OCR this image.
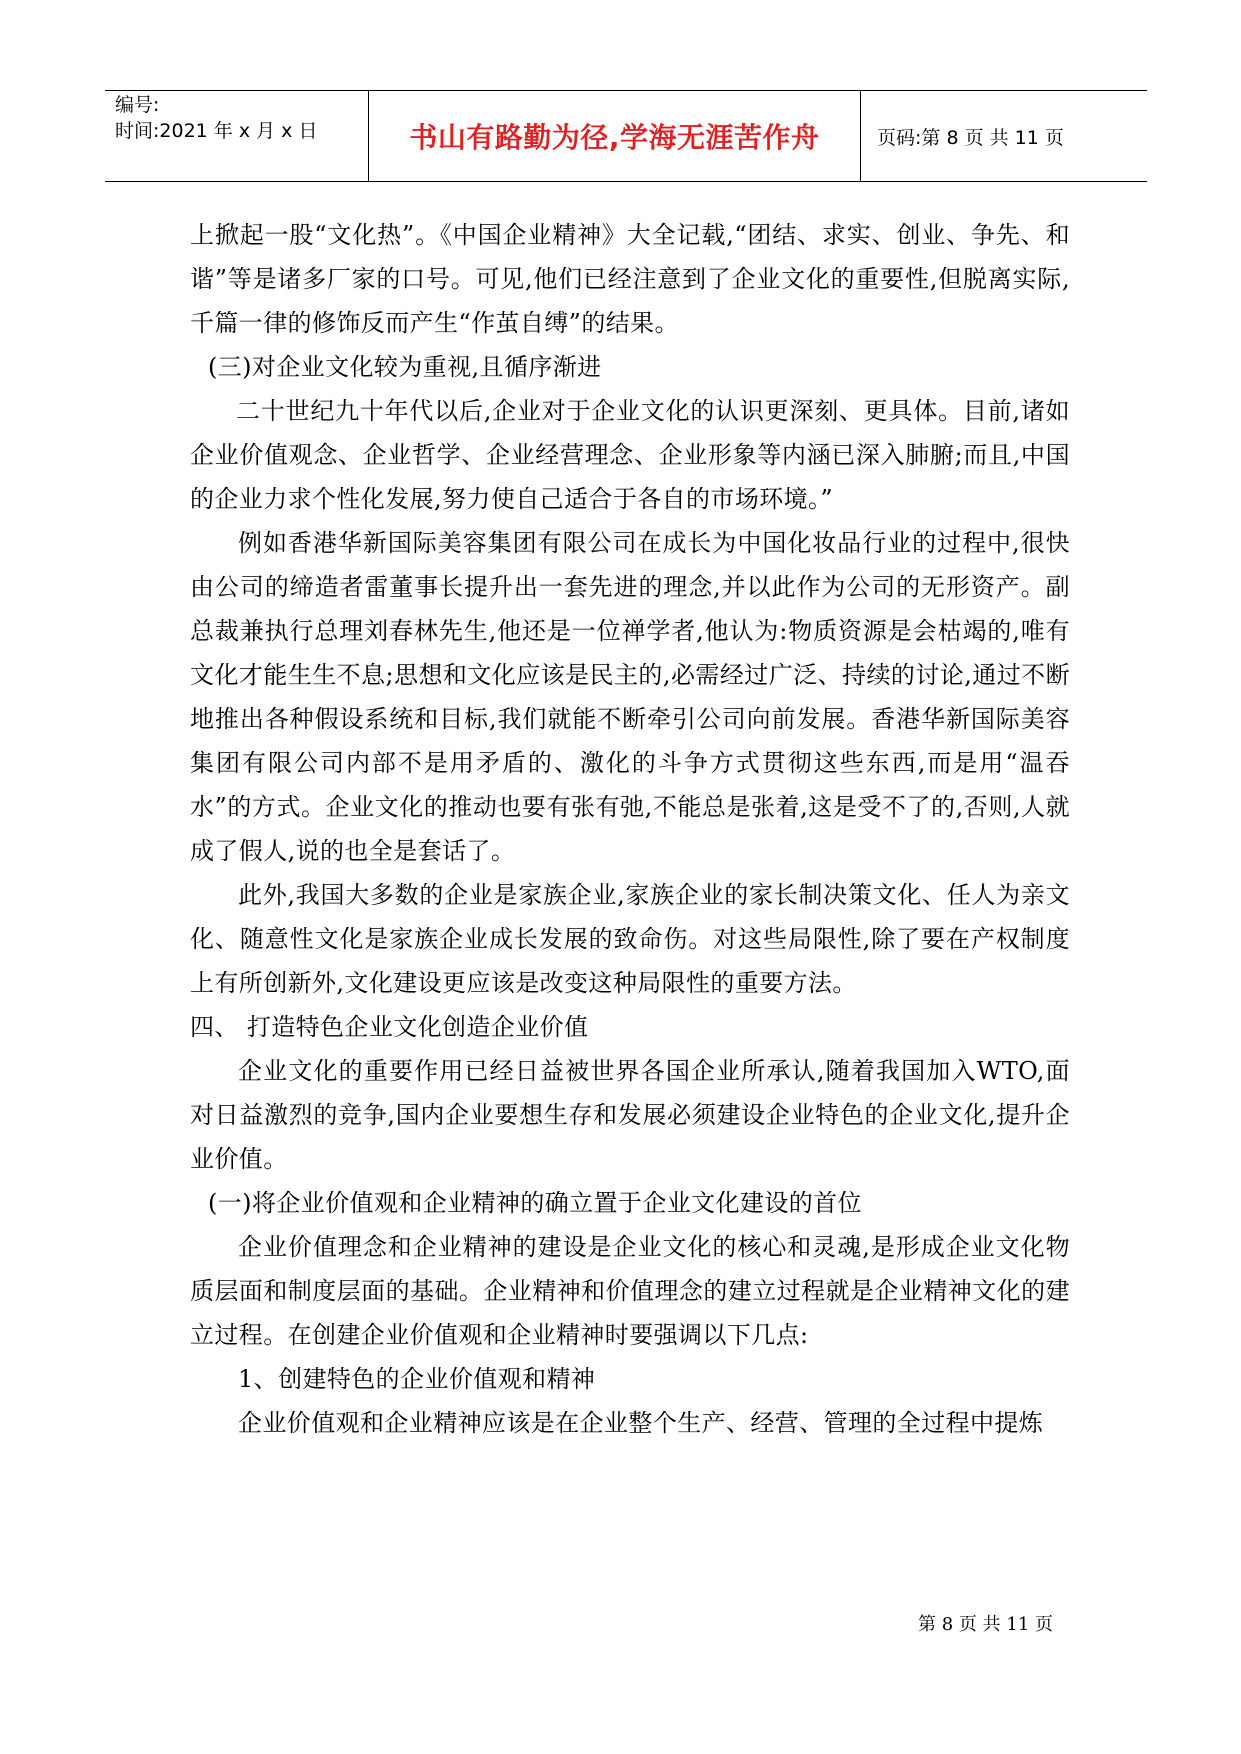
编号:
时间:2021 年 x 月 x 日	书山有路勤为径,学海无涯苦作舟	页码:第 8 页 共 11 页

上掀起一股“文化热”。《中国企业精神》大全记载,“团结、求实、创业、争先、和谐”等是诸多厂家的口号。可见,他们已经注意到了企业文化的重要性,但脱离实际,千篇一律的修饰反而产生“作茧自缚”的结果。

(三)对企业文化较为重视,且循序渐进

二十世纪九十年代以后,企业对于企业文化的认识更深刻、更具体。目前,诸如企业价值观念、企业哲学、企业经营理念、企业形象等内涵已深入肺腑;而且,中国的企业力求个性化发展,努力使自己适合于各自的市场环境。”

例如香港华新国际美容集团有限公司在成长为中国化妆品行业的过程中,很快由公司的缔造者雷董事长提升出一套先进的理念,并以此作为公司的无形资产。副总裁兼执行总理刘春林先生,他还是一位禅学者,他认为:物质资源是会枯竭的,唯有文化才能生生不息;思想和文化应该是民主的,必需经过广泛、持续的讨论,通过不断地推出各种假设系统和目标,我们就能不断牵引公司向前发展。香港华新国际美容集团有限公司内部不是用矛盾的、激化的斗争方式贯彻这些东西,而是用“温吞水”的方式。企业文化的推动也要有张有弛,不能总是张着,这是受不了的,否则,人就成了假人,说的也全是套话了。

此外,我国大多数的企业是家族企业,家族企业的家长制决策文化、任人为亲文化、随意性文化是家族企业成长发展的致命伤。对这些局限性,除了要在产权制度上有所创新外,文化建设更应该是改变这种局限性的重要方法。

四、 打造特色企业文化创造企业价值

企业文化的重要作用已经日益被世界各国企业所承认,随着我国加入WTO,面对日益激烈的竞争,国内企业要想生存和发展必须建设企业特色的企业文化,提升企业价值。

(一)将企业价值观和企业精神的确立置于企业文化建设的首位

企业价值理念和企业精神的建设是企业文化的核心和灵魂,是形成企业文化物质层面和制度层面的基础。企业精神和价值理念的建立过程就是企业精神文化的建立过程。在创建企业价值观和企业精神时要强调以下几点:

1、创建特色的企业价值观和精神

企业价值观和企业精神应该是在企业整个生产、经营、管理的全过程中提炼

第 8 页 共 11 页
